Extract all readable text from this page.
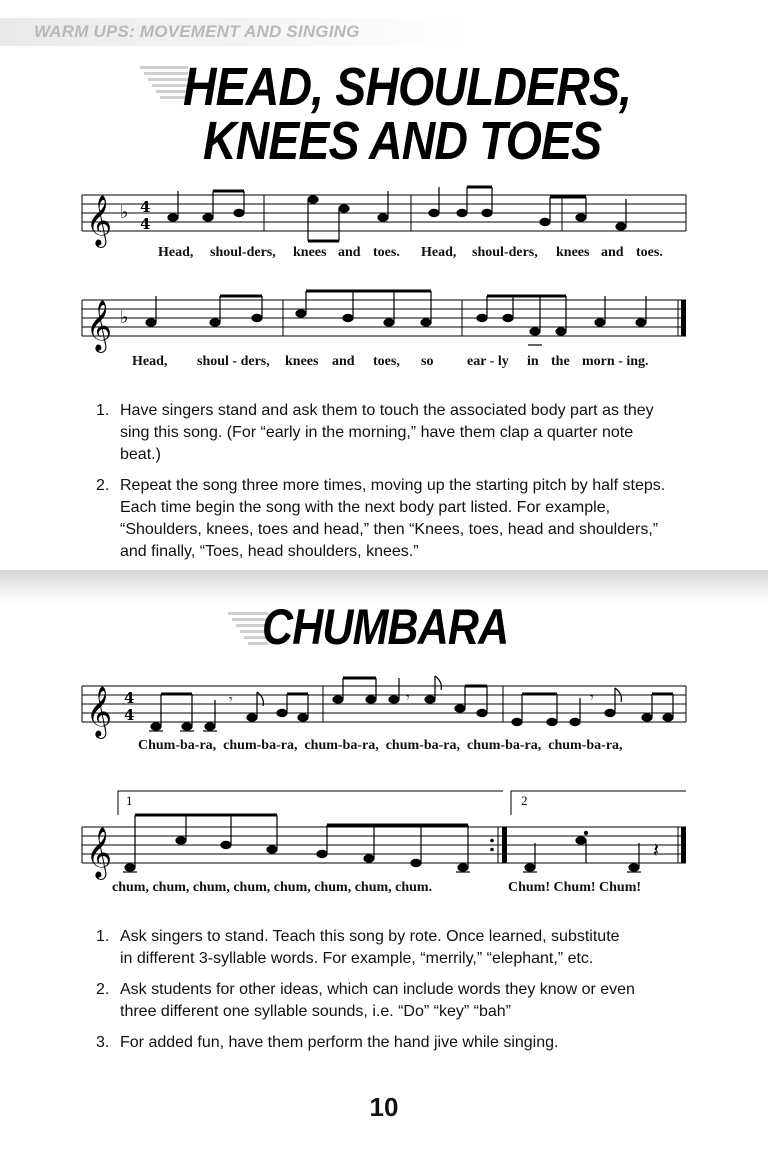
WARM UPS: MOVEMENT AND SINGING
HEAD, SHOULDERS,
KNEES AND TOES
𝄞 ♭ 4
4
Head, shoul-ders, knees and toes. Head, shoul-ders, knees and toes.
𝄞 ♭
Head, shoul - ders, knees and toes, so ear - ly in the morn - ing.
1. Have singers stand and ask them to touch the associated body part as they sing this song. (For “early in the morning,” have them clap a quarter note beat.)
2. Repeat the song three more times, moving up the starting pitch by half steps. Each time begin the song with the next body part listed. For example, “Shoulders, knees, toes and head,” then “Knees, toes, head and shoulders,” and finally, “Toes, head shoulders, knees.”
CHUMBARA
𝄞 4
4
𝄾	𝄾	𝄾
Chum-ba-ra,  chum-ba-ra,  chum-ba-ra,  chum-ba-ra,  chum-ba-ra,  chum-ba-ra,
1	2
𝄞	𝄽
chum, chum, chum, chum, chum, chum, chum, chum.	Chum! Chum! Chum!
1. Ask singers to stand. Teach this song by rote. Once learned, substitute in different 3-syllable words. For example, “merrily,” “elephant,” etc.
2. Ask students for other ideas, which can include words they know or even three different one syllable sounds, i.e. “Do” “key” “bah”
3. For added fun, have them perform the hand jive while singing.
10
